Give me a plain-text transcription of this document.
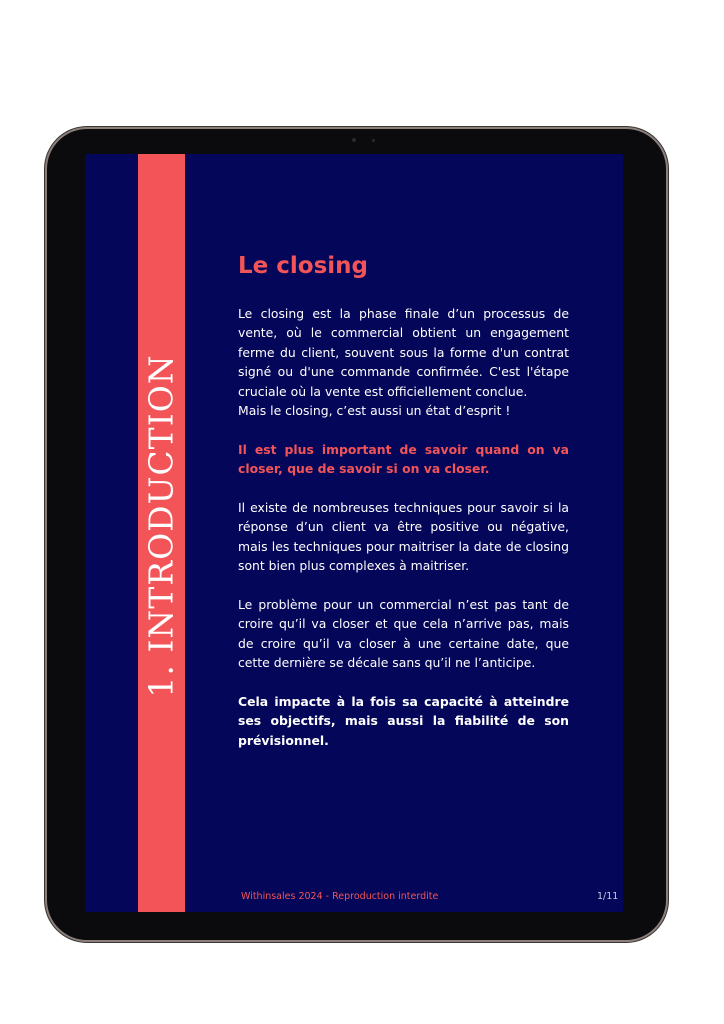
1. INTRODUCTION
Le closing
Le closing est la phase finale d’un processus de vente, où le commercial obtient un engagement ferme du client, souvent sous la forme d'un contrat signé ou d'une commande confirmée. C'est l'étape cruciale où la vente est officiellement conclue.
Mais le closing, c’est aussi un état d’esprit !
Il est plus important de savoir quand on va closer, que de savoir si on va closer.
Il existe de nombreuses techniques pour savoir si la réponse d’un client va être positive ou négative, mais les techniques pour maitriser la date de closing sont bien plus complexes à maitriser.
Le problème pour un commercial n’est pas tant de croire qu’il va closer et que cela n’arrive pas, mais de croire qu’il va closer à une certaine date, que cette dernière se décale sans qu’il ne l’anticipe.
Cela impacte à la fois sa capacité à atteindre ses objectifs, mais aussi la fiabilité de son prévisionnel.
Withinsales 2024 - Reproduction interdite	1/11
